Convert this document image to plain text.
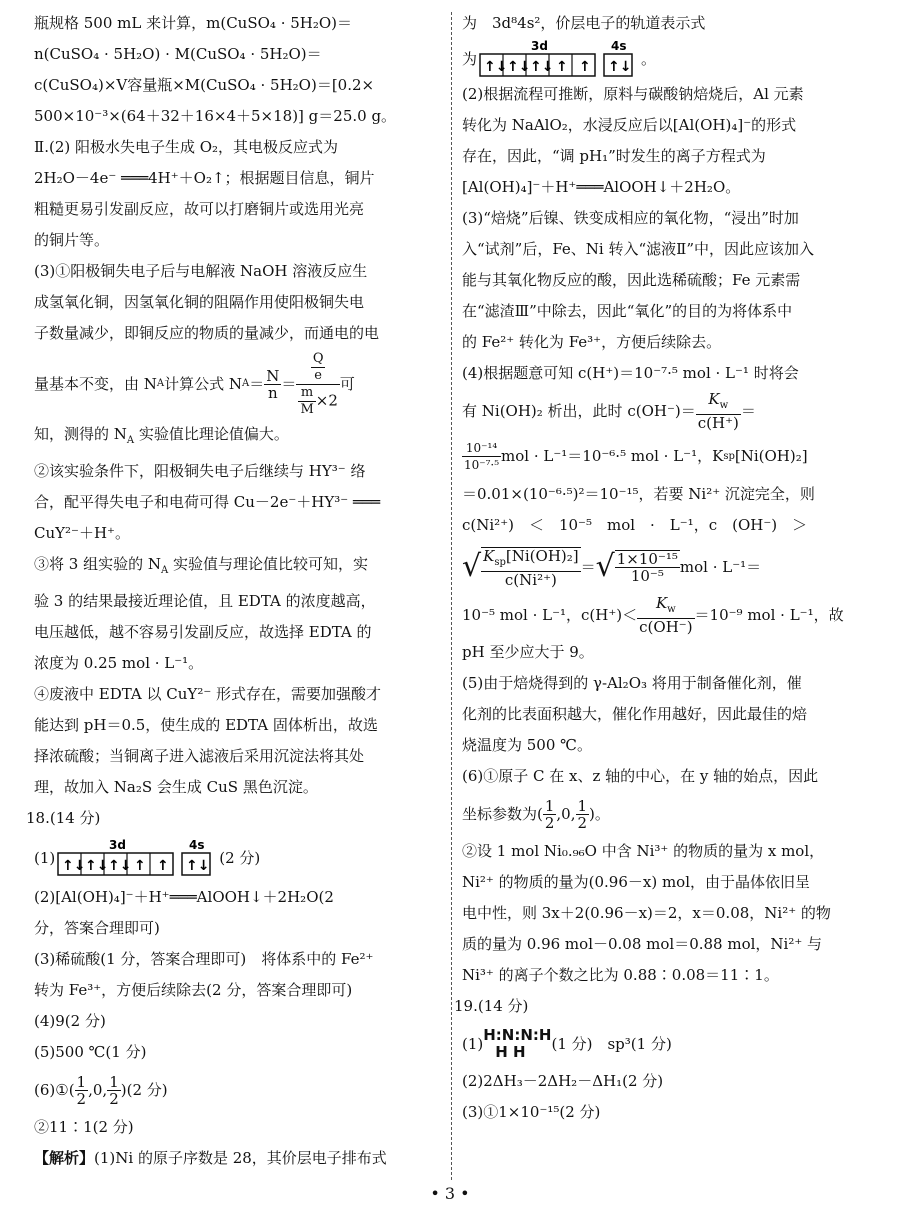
瓶规格 500 mL 来计算，m(CuSO₄ · 5H₂O)＝

n(CuSO₄ · 5H₂O) · M(CuSO₄ · 5H₂O)＝

c(CuSO₄)×V容量瓶×M(CuSO₄ · 5H₂O)＝[0.2×

500×10⁻³×(64＋32＋16×4＋5×18)] g＝25.0 g。

Ⅱ.(2) 阳极水失电子生成 O₂，其电极反应式为

2H₂O－4e⁻ ═══4H⁺＋O₂↑；根据题目信息，铜片

粗糙更易引发副反应，故可以打磨铜片或选用光亮

的铜片等。

(3)①阳极铜失电子后与电解液 NaOH 溶液反应生

成氢氧化铜，因氢氧化铜的阻隔作用使阳极铜失电

子数量减少，即铜反应的物质的量减少，而通电的电

量基本不变，由 N A 计算公式 N $A = \frac{N}{n} = \frac{\frac{Q}{e}}{\frac{m}{M} \times 2}$ 可

知，测得的 $N_A$ 实验值比理论值偏大。

②该实验条件下，阳极铜失电子后继续与 HY³⁻ 络

合，配平得失电子和电荷可得 Cu－2e⁻＋HY³⁻ ═══

CuY²⁻＋H⁺。

③将 3 组实验的 $N_A$ 实验值与理论值比较可知，实

验 3 的结果最接近理论值，且 EDTA 的浓度越高，

电压越低，越不容易引发副反应，故选择 EDTA 的

浓度为 0.25 mol · L⁻¹。

④废液中 EDTA 以 CuY²⁻ 形式存在，需要加强酸才

能达到 pH＝0.5，使生成的 EDTA 固体析出，故选

择浓硫酸；当铜离子进入滤液后采用沉淀法将其处

理，故加入 Na₂S 会生成 CuS 黑色沉淀。

18.(14 分)

(1)
3d	4s
↑↓ ↑↓ ↑↓ ↑ ↑ ↑↓ (2 分)

(2)[Al(OH)₄]⁻＋H⁺═══AlOOH↓＋2H₂O(2

分，答案合理即可)

(3)稀硫酸(1 分，答案合理即可)　将体系中的 Fe²⁺

转为 Fe³⁺，方便后续除去(2 分，答案合理即可)

(4)9(2 分)

(5)500 ℃(1 分)

(6)①( $\frac{1}{2} ,0$, $\frac{1}{2} )(2$ 分)

②11∶1(2 分)

【解析】(1)Ni 的原子序数是 28，其价层电子排布式

为　3d⁸4s²，价层电子的轨道表示式

为
3d	4s
↑↓ ↑↓ ↑↓ ↑ ↑ ↑↓ 。

(2)根据流程可推断，原料与碳酸钠焙烧后，Al 元素

转化为 NaAlO₂，水浸反应后以[Al(OH)₄]⁻的形式

存在，因此，“调 pH₁”时发生的离子方程式为

[Al(OH)₄]⁻＋H⁺═══AlOOH↓＋2H₂O。

(3)“焙烧”后镍、铁变成相应的氧化物，“浸出”时加

入“试剂”后，Fe、Ni 转入“滤液Ⅱ”中，因此应该加入

能与其氧化物反应的酸，因此选稀硫酸；Fe 元素需

在“滤渣Ⅲ”中除去，因此“氧化”的目的为将体系中

的 Fe²⁺ 转化为 Fe³⁺，方便后续除去。

(4)根据题意可知 c(H⁺)＝10⁻⁷·⁵ mol · L⁻¹ 时将会

有 Ni(OH)₂ 析出，此时 $c(OH^-)= \frac{K_w}{c(H^+)}$ ＝

$\frac{\text{10⁻¹⁴}}{\text{10⁻⁷·⁵}}$ mol · L⁻¹＝10⁻⁶·⁵ mol · L⁻¹，K sp [Ni(OH)₂]

＝0.01×(10⁻⁶·⁵)²＝10⁻¹⁵，若要 Ni²⁺ 沉淀完全，则

c(Ni²⁺)　＜　10⁻⁵　mol　·　L⁻¹，c　(OH⁻)　＞

√ $\frac{K_{sp}[Ni(OH)_2]}{\text{c(Ni²⁺)}}$ ＝ √ $\frac{\text{1×10⁻¹⁵}}{\text{10⁻⁵}}$ mol · L⁻¹＝

10⁻⁵ mol · L⁻¹，$c(H^+)< \frac{K_w}{c(OH^-)} =10^{-9}$ mol · L⁻¹，故

pH 至少应大于 9。

(5)由于焙烧得到的 γ-Al₂O₃ 将用于制备催化剂，催

化剂的比表面积越大，催化作用越好，因此最佳的焙

烧温度为 500 ℃。

(6)①原子 C 在 x、z 轴的中心，在 y 轴的始点，因此

坐标参数为( $\frac{1}{2} ,0$, $\frac{1}{2}$ )。

②设 1 mol Ni₀.₉₆O 中含 Ni³⁺ 的物质的量为 x mol，

Ni²⁺ 的物质的量为(0.96－x) mol，由于晶体依旧呈

电中性，则 3x＋2(0.96－x)＝2，x＝0.08，Ni²⁺ 的物

质的量为 0.96 mol－0.08 mol＝0.88 mol，Ni²⁺ 与

Ni³⁺ 的离子个数之比为 0.88∶0.08＝11∶1。

19.(14 分)

(1) H:N:N:H
H H	(1 分)　sp³(1 分)

(2)2ΔH₃－2ΔH₂－ΔH₁(2 分)

(3)①1×10⁻¹⁵(2 分)

• 3 •
